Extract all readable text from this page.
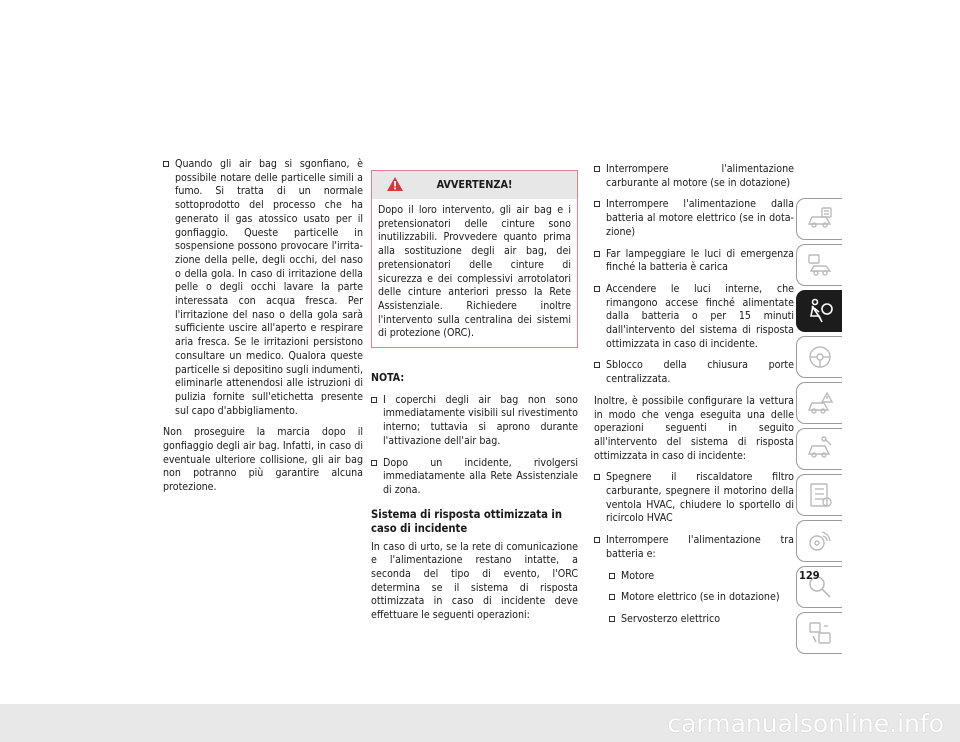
Quando gli air bag si sgonfiano, è possibile notare delle particelle simili a fumo. Si tratta di un normale sottoprodotto del processo che ha generato il gas atossico usato per il gonfiaggio. Queste particelle in sospensione possono provocare l'irritazione della pelle, degli occhi, del naso o della gola. In caso di irritazione della pelle o degli occhi lavare la parte interessata con acqua fresca. Per l'irritazione del naso o della gola sarà sufficiente uscire all'aperto e respirare aria fresca. Se le irritazioni persistono consultare un medico. Qualora queste particelle si depositino sugli indumenti, eliminarle attenendosi alle istruzioni di pulizia fornite sull'etichetta presente sul capo d'abbigliamento.

Non proseguire la marcia dopo il gonfiaggio degli air bag. Infatti, in caso di eventuale ulteriore collisione, gli air bag non potranno più garantire alcuna protezione.

AVVERTENZA!
Dopo il loro intervento, gli air bag e i pretensionatori delle cinture sono inutilizzabili. Provvedere quanto prima alla sostituzione degli air bag, dei pretensionatori delle cinture di sicurezza e dei complessivi arrotolatori delle cinture anteriori presso la Rete Assistenziale. Richiedere inoltre l'intervento sulla centralina dei sistemi di protezione (ORC).
NOTA:
I coperchi degli air bag non sono immediatamente visibili sul rivestimento interno; tuttavia si aprono durante l'attivazione dell'air bag.
Dopo un incidente, rivolgersi immediatamente alla Rete Assistenziale di zona.
Sistema di risposta ottimizzata in caso di incidente

In caso di urto, se la rete di comunicazione e l'alimentazione restano intatte, a seconda del tipo di evento, l'ORC determina se il sistema di risposta ottimizzata in caso di incidente deve effettuare le seguenti operazioni:

Interrompere l'alimentazione carburante al motore (se in dotazione)
Interrompere l'alimentazione dalla batteria al motore elettrico (se in dotazione)
Far lampeggiare le luci di emergenza finché la batteria è carica
Accendere le luci interne, che rimangono accese finché alimentate dalla batteria o per 15 minuti dall'intervento del sistema di risposta ottimizzata in caso di incidente.
Sblocco della chiusura porte centralizzata.

Inoltre, è possibile configurare la vettura in modo che venga eseguita una delle operazioni seguenti in seguito all'intervento del sistema di risposta ottimizzata in caso di incidente:

Spegnere il riscaldatore filtro carburante, spegnere il motorino della ventola HVAC, chiudere lo sportello di ricircolo HVAC
Interrompere l'alimentazione tra batteria e:
Motore
Motore elettrico (se in dotazione)
Servosterzo elettrico
129
carmanualsonline.info
